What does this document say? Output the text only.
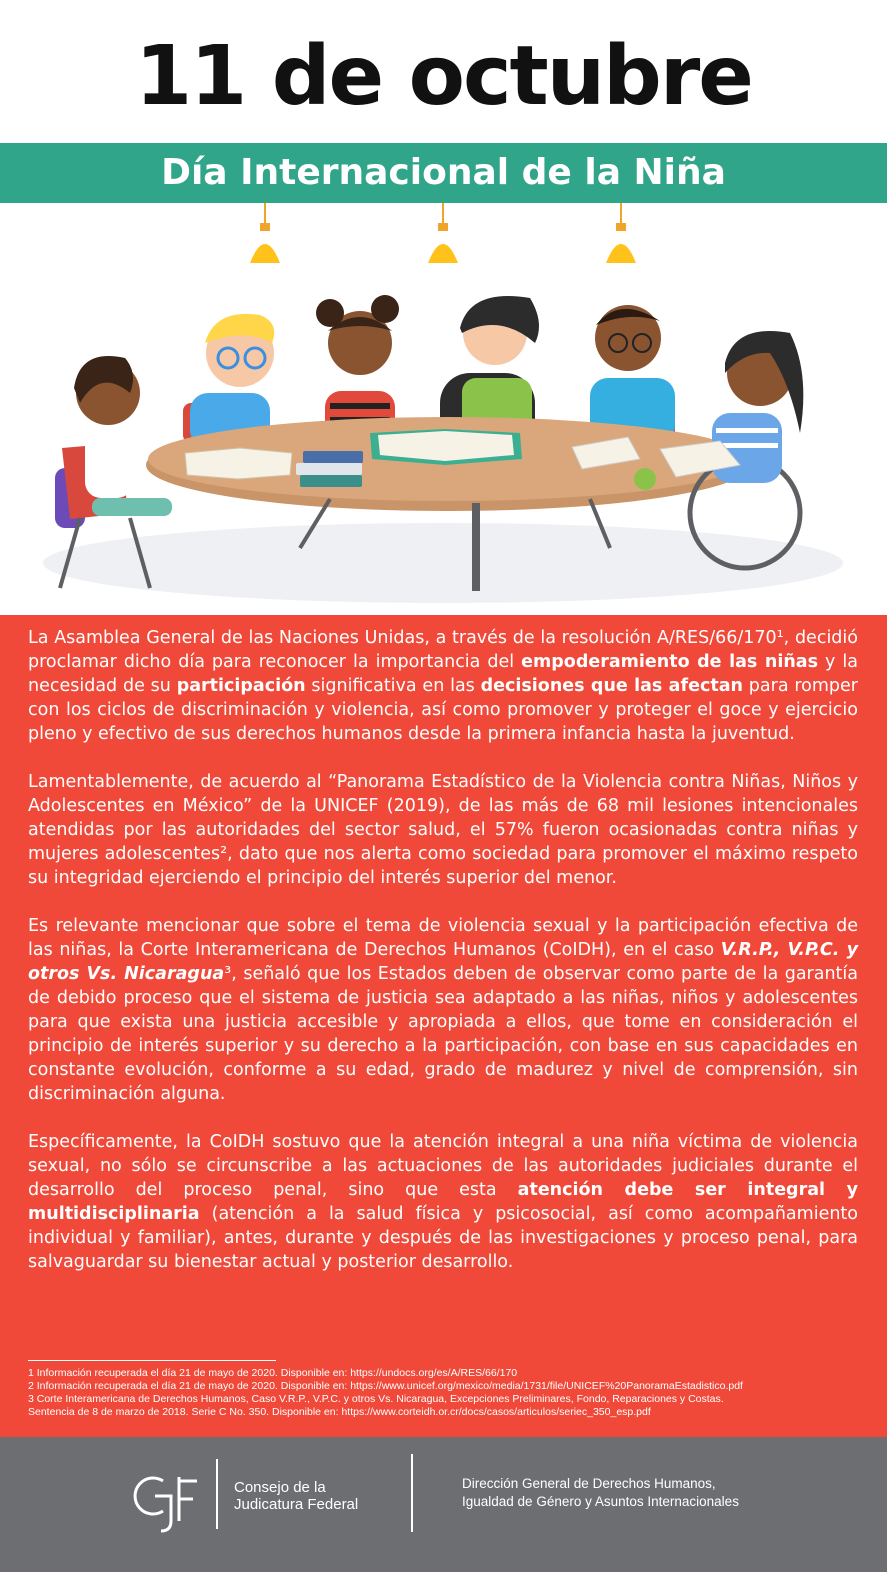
11 de octubre
Día Internacional de la Niña

La Asamblea General de las Naciones Unidas, a través de la resolución A/RES/66/170¹, decidió proclamar dicho día para reconocer la importancia del empoderamiento de las niñas y la necesidad de su participación significativa en las decisiones que las afectan para romper con los ciclos de discriminación y violencia, así como promover y proteger el goce y ejercicio pleno y efectivo de sus derechos humanos desde la primera infancia hasta la juventud.

Lamentablemente, de acuerdo al “Panorama Estadístico de la Violencia contra Niñas, Niños y Adolescentes en México” de la UNICEF (2019), de las más de 68 mil lesiones intencionales atendidas por las autoridades del sector salud, el 57% fueron ocasionadas contra niñas y mujeres adolescentes², dato que nos alerta como sociedad para promover el máximo respeto su integridad ejerciendo el principio del interés superior del menor.

Es relevante mencionar que sobre el tema de violencia sexual y la participación efectiva de las niñas, la Corte Interamericana de Derechos Humanos (CoIDH), en el caso V.R.P., V.P.C. y otros Vs. Nicaragua³, señaló que los Estados deben de observar como parte de la garantía de debido proceso que el sistema de justicia sea adaptado a las niñas, niños y adolescentes para que exista una justicia accesible y apropiada a ellos, que tome en consideración el principio de interés superior y su derecho a la participación, con base en sus capacidades en constante evolución, conforme a su edad, grado de madurez y nivel de comprensión, sin discriminación alguna.

Específicamente, la CoIDH sostuvo que la atención integral a una niña víctima de violencia sexual, no sólo se circunscribe a las actuaciones de las autoridades judiciales durante el desarrollo del proceso penal, sino que esta atención debe ser integral y multidisciplinaria (atención a la salud física y psicosocial, así como acompañamiento individual y familiar), antes, durante y después de las investigaciones y proceso penal, para salvaguardar su bienestar actual y posterior desarrollo.

1 Información recuperada el día 21 de mayo de 2020. Disponible en: https://undocs.org/es/A/RES/66/170
2 Información recuperada el día 21 de mayo de 2020. Disponible en: https://www.unicef.org/mexico/media/1731/file/UNICEF%20PanoramaEstadistico.pdf
3 Corte Interamericana de Derechos Humanos, Caso V.R.P., V.P.C. y otros Vs. Nicaragua, Excepciones Preliminares, Fondo, Reparaciones y Costas.
Sentencia de 8 de marzo de 2018. Serie C No. 350. Disponible en: https://www.corteidh.or.cr/docs/casos/articulos/seriec_350_esp.pdf
Consejo de la
Judicatura Federal
Dirección General de Derechos Humanos,
Igualdad de Género y Asuntos Internacionales
